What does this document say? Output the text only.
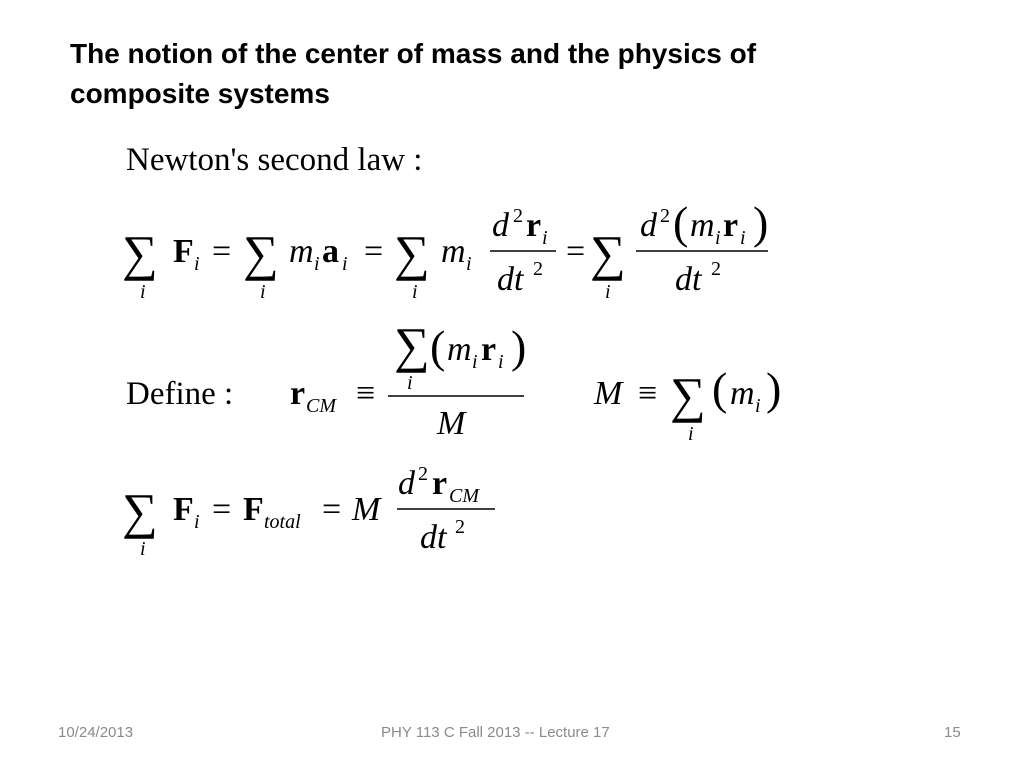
The notion of the center of mass and the physics of
composite systems
Newton's second law :
∑
i
F i = ∑
i
m i a i = ∑
i
m i
d 2 r i
dt 2 = ∑
i
d 2 ( m i r i )
dt 2
Define : r CM ≡
∑
i
( m i r i )
M
M ≡ ∑
i
( m i )
∑
i
F i = F total = M
d 2 r CM
dt 2
10/24/2013	PHY 113 C Fall 2013 -- Lecture 17	15
